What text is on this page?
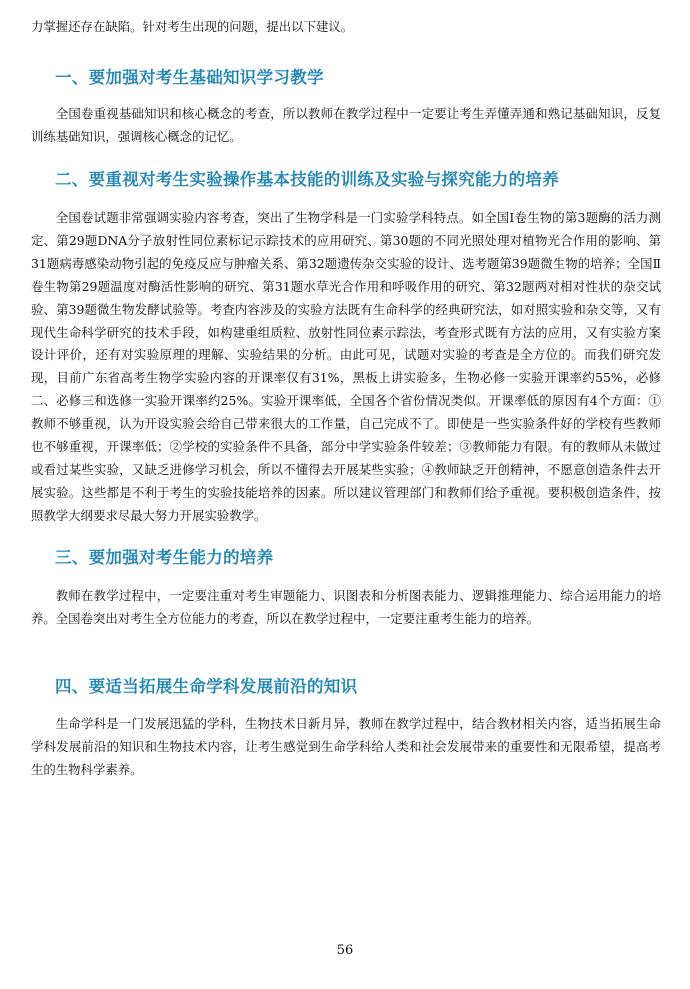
力掌握还存在缺陷。针对考生出现的问题，提出以下建议。

一、要加强对考生基础知识学习教学

全国卷重视基础知识和核心概念的考查，所以教师在教学过程中一定要让考生弄懂弄通和熟记基础知识，反复训练基础知识，强调核心概念的记忆。

二、要重视对考生实验操作基本技能的训练及实验与探究能力的培养

全国卷试题非常强调实验内容考查，突出了生物学科是一门实验学科特点。如全国Ⅰ卷生物的第3题酶的活力测定、第29题DNA分子放射性同位素标记示踪技术的应用研究、第30题的不同光照处理对植物光合作用的影响、第31题病毒感染动物引起的免疫反应与肿瘤关系、第32题遗传杂交实验的设计、选考题第39题微生物的培养；全国Ⅱ卷生物第29题温度对酶活性影响的研究、第31题水草光合作用和呼吸作用的研究、第32题两对相对性状的杂交试验、第39题微生物发酵试验等。考查内容涉及的实验方法既有生命科学的经典研究法，如对照实验和杂交等，又有现代生命科学研究的技术手段，如构建重组质粒、放射性同位素示踪法，考查形式既有方法的应用，又有实验方案设计评价，还有对实验原理的理解、实验结果的分析。由此可见，试题对实验的考查是全方位的。而我们研究发现，目前广东省高考生物学实验内容的开课率仅有31%，黑板上讲实验多，生物必修一实验开课率约55%，必修二、必修三和选修一实验开课率约25%。实验开课率低，全国各个省份情况类似。开课率低的原因有4个方面：①教师不够重视，认为开设实验会给自己带来很大的工作量，自己完成不了。即使是一些实验条件好的学校有些教师也不够重视，开课率低；②学校的实验条件不具备，部分中学实验条件较差；③教师能力有限。有的教师从未做过或看过某些实验，又缺乏进修学习机会，所以不懂得去开展某些实验；④教师缺乏开创精神，不愿意创造条件去开展实验。这些都是不利于考生的实验技能培养的因素。所以建议管理部门和教师们给予重视。要积极创造条件，按照教学大纲要求尽最大努力开展实验教学。

三、要加强对考生能力的培养

教师在教学过程中，一定要注重对考生审题能力、识图表和分析图表能力、逻辑推理能力、综合运用能力的培养。全国卷突出对考生全方位能力的考查，所以在教学过程中，一定要注重考生能力的培养。

四、要适当拓展生命学科发展前沿的知识

生命学科是一门发展迅猛的学科，生物技术日新月异，教师在教学过程中，结合教材相关内容，适当拓展生命学科发展前沿的知识和生物技术内容，让考生感觉到生命学科给人类和社会发展带来的重要性和无限希望，提高考生的生物科学素养。

56
